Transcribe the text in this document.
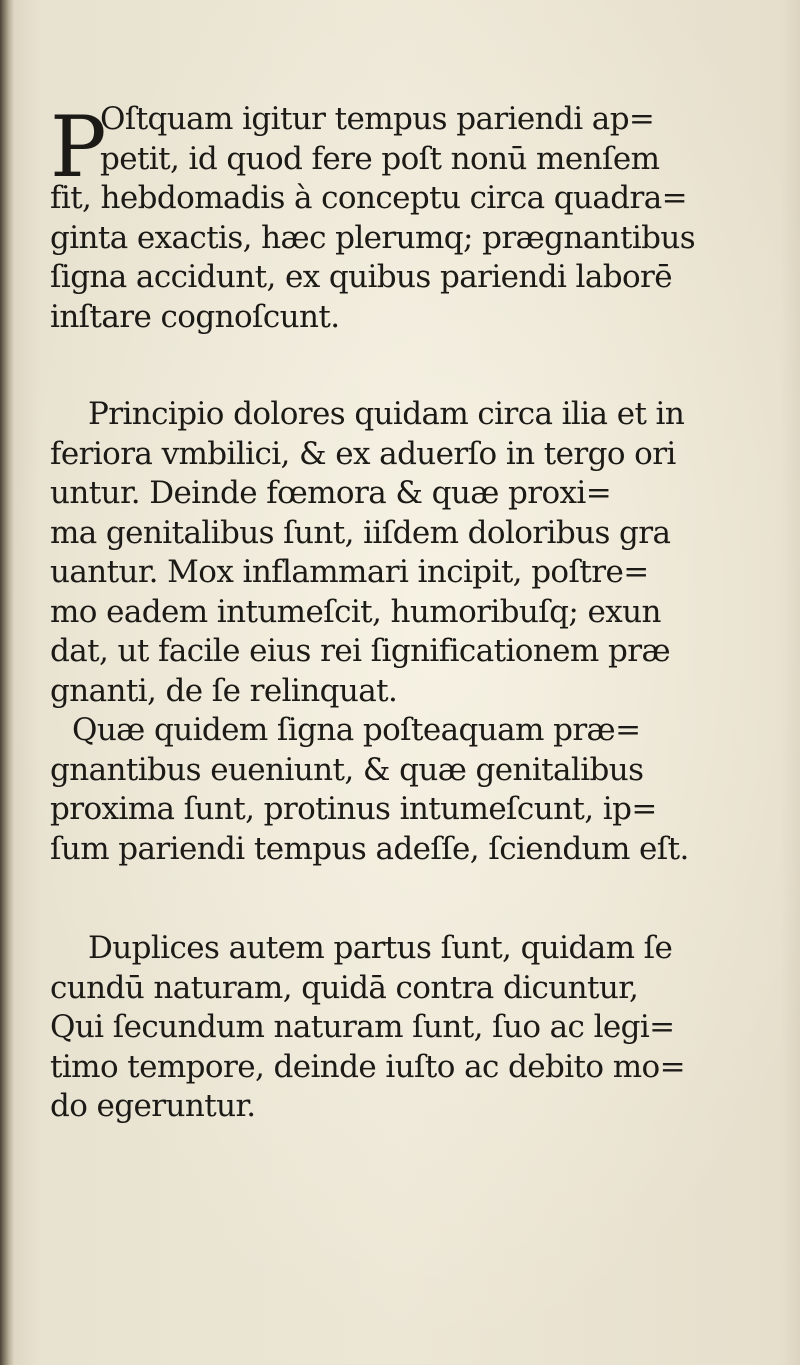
P
Oſtquam igitur tempus pariendi ap=
petit, id quod fere poſt nonū menſem
fit, hebdomadis à conceptu circa quadra=
ginta exactis, hæc plerumq; prægnantibus
ſigna accidunt, ex quibus pariendi laborē
inſtare cognoſcunt.
Principio dolores quidam circa ilia et in
feriora vmbilici, & ex aduerſo in tergo ori
untur. Deinde fœmora & quæ proxi=
ma genitalibus ſunt, iiſdem doloribus gra
uantur. Mox inflammari incipit, poſtre=
mo eadem intumeſcit, humoribuſq; exun
dat, ut facile eius rei ſignificationem præ
gnanti, de ſe relinquat.
Quæ quidem ſigna poſteaquam præ=
gnantibus eueniunt, & quæ genitalibus
proxima ſunt, protinus intumeſcunt, ip=
ſum pariendi tempus adeſſe, ſciendum eſt.
Duplices autem partus ſunt, quidam ſe
cundū naturam, quidā contra dicuntur,
Qui ſecundum naturam ſunt, ſuo ac legi=
timo tempore, deinde iuſto ac debito mo=
do egeruntur.
